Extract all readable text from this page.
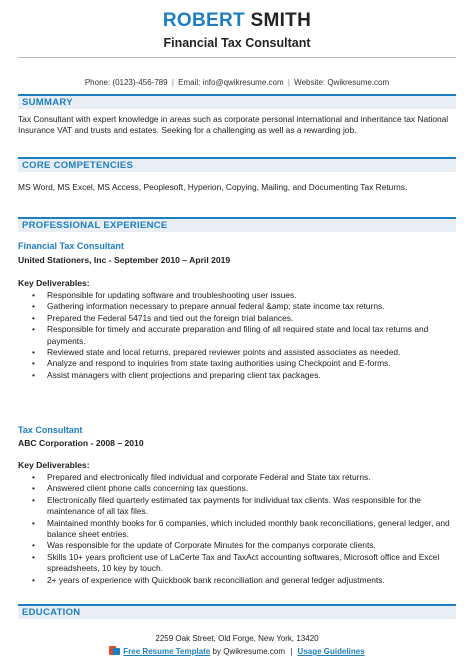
ROBERT SMITH
Financial Tax Consultant
Phone: (0123)-456-789 | Email: info@qwikresume.com | Website: Qwikresume.com
SUMMARY
Tax Consultant with expert knowledge in areas such as corporate personal international and inheritance tax National Insurance VAT and trusts and estates. Seeking for a challenging as well as a rewarding job.
CORE COMPETENCIES
MS Word, MS Excel, MS Access, Peoplesoft, Hyperion, Copying, Mailing, and Documenting Tax Returns.
PROFESSIONAL EXPERIENCE
Financial Tax Consultant
United Stationers, Inc - September 2010 – April 2019
Key Deliverables:
• Responsible for updating software and troubleshooting user issues.
• Gathering information necessary to prepare annual federal &amp; state income tax returns.
• Prepared the Federal 5471s and tied out the foreign trial balances.
• Responsible for timely and accurate preparation and filing of all required state and local tax returns and payments.
• Reviewed state and local returns, prepared reviewer points and assisted associates as needed.
• Analyze and respond to inquiries from state taxing authorities using Checkpoint and E-forms.
• Assist managers with client projections and preparing client tax packages.
Tax Consultant
ABC Corporation - 2008 – 2010
Key Deliverables:
• Prepared and electronically filed individual and corporate Federal and State tax returns.
• Answered client phone calls concerning tax questions.
• Electronically filed quarterly estimated tax payments for individual tax clients. Was responsible for the maintenance of all tax files.
• Maintained monthly books for 6 companies, which included monthly bank reconciliations, general ledger, and balance sheet entries.
• Was responsible for the update of Corporate Minutes for the companys corporate clients.
• Skills 10+ years proficient use of LaCerte Tax and TaxAct accounting softwares, Microsoft office and Excel spreadsheets, 10 key by touch.
• 2+ years of experience with Quickbook bank reconciliation and general ledger adjustments.
EDUCATION
2259 Oak Street, Old Forge, New York, 13420
Free Resume Template by Qwikresume.com | Usage Guidelines
